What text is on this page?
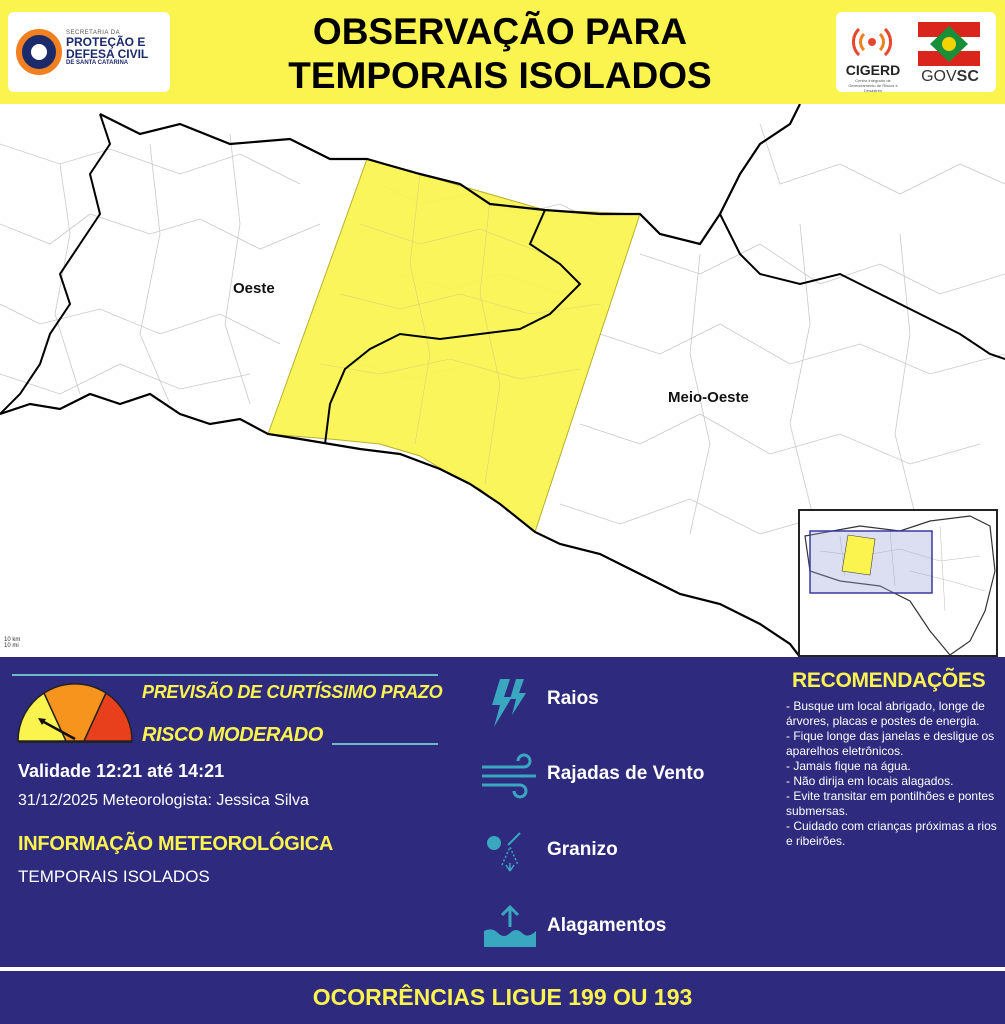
SECRETARIA DA
PROTEÇÃO E
DEFESA CIVIL
DE SANTA CATARINA
OBSERVAÇÃO PARA
TEMPORAIS ISOLADOS	CIGERD
Centro Integrado de Gerenciamento de Riscos e Desastres
GOVSC
Oeste
Meio-Oeste
10 km
10 mi
PREVISÃO DE CURTÍSSIMO PRAZO
RISCO MODERADO
Validade 12:21 até 14:21
31/12/2025 Meteorologista: Jessica Silva
INFORMAÇÃO METEOROLÓGICA
TEMPORAIS ISOLADOS
Raios
Rajadas de Vento
Granizo
Alagamentos
RECOMENDAÇÕES
- Busque um local abrigado, longe de árvores, placas e postes de energia.
- Fique longe das janelas e desligue os aparelhos eletrônicos.
- Jamais fique na água.
- Não dirija em locais alagados.
- Evite transitar em pontilhões e pontes submersas.
- Cuidado com crianças próximas a rios e ribeirões.
OCORRÊNCIAS LIGUE 199 OU 193
